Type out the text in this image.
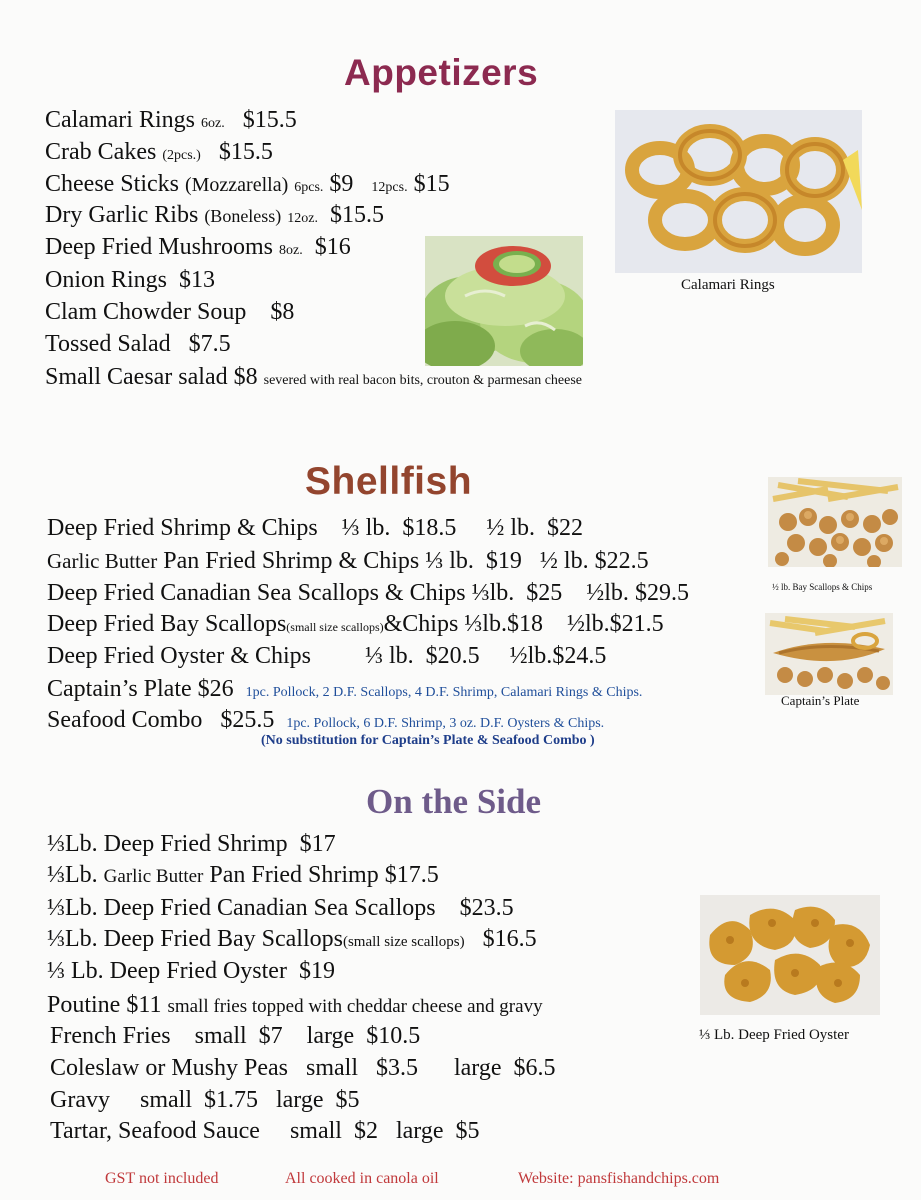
Appetizers
Calamari Rings 6oz. $15.5
Crab Cakes (2pcs.) $15.5
Cheese Sticks (Mozzarella) 6pcs. $9 12pcs. $15
Dry Garlic Ribs (Boneless) 12oz. $15.5
Deep Fried Mushrooms 8oz. $16
Onion Rings $13
Clam Chowder Soup $8
Tossed Salad $7.5
Small Caesar salad $8 severed with real bacon bits, crouton & parmesan cheese
Calamari Rings
Shellfish
Deep Fried Shrimp & Chips ⅓ lb. $18.5 ½ lb. $22
Garlic Butter Pan Fried Shrimp & Chips ⅓ lb. $19 ½ lb. $22.5
Deep Fried Canadian Sea Scallops & Chips ⅓lb. $25 ½lb. $29.5
Deep Fried Bay Scallops(small size scallops)&Chips ⅓lb.$18 ½lb.$21.5
Deep Fried Oyster & Chips ⅓ lb. $20.5 ½lb.$24.5
Captain’s Plate $26 1pc. Pollock, 2 D.F. Scallops, 4 D.F. Shrimp, Calamari Rings & Chips.
Seafood Combo $25.5 1pc. Pollock, 6 D.F. Shrimp, 3 oz. D.F. Oysters & Chips.
(No substitution for Captain’s Plate & Seafood Combo )
½ lb. Bay Scallops & Chips
Captain’s Plate
On the Side
⅓Lb. Deep Fried Shrimp $17
⅓Lb. Garlic Butter Pan Fried Shrimp $17.5
⅓Lb. Deep Fried Canadian Sea Scallops $23.5
⅓Lb. Deep Fried Bay Scallops(small size scallops) $16.5
⅓ Lb. Deep Fried Oyster $19
Poutine $11 small fries topped with cheddar cheese and gravy
French Fries small $7 large $10.5
Coleslaw or Mushy Peas small $3.5 large $6.5
Gravy small $1.75 large $5
Tartar, Seafood Sauce small $2 large $5
⅓ Lb. Deep Fried Oyster
GST not included	All cooked in canola oil	Website: pansfishandchips.com
